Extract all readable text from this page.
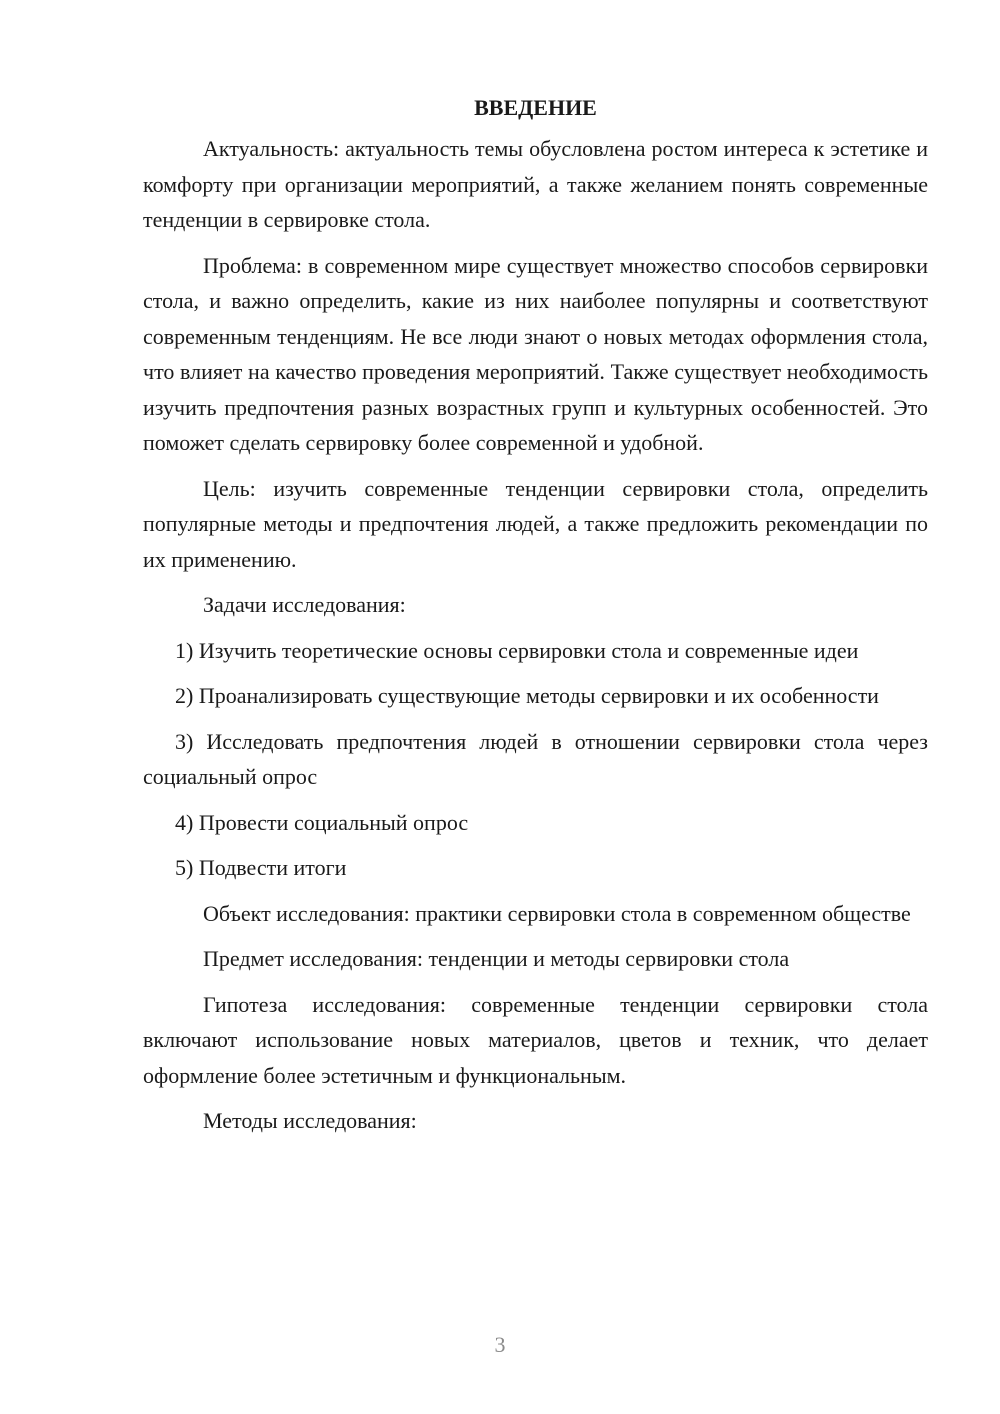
ВВЕДЕНИЕ

Актуальность: актуальность темы обусловлена ростом интереса к эстетике и комфорту при организации мероприятий, а также желанием понять современные тенденции в сервировке стола.

Проблема: в современном мире существует множество способов сервировки стола, и важно определить, какие из них наиболее популярны и соответствуют современным тенденциям. Не все люди знают о новых методах оформления стола, что влияет на качество проведения мероприятий. Также существует необходимость изучить предпочтения разных возрастных групп и культурных особенностей. Это поможет сделать сервировку более современной и удобной.

Цель: изучить современные тенденции сервировки стола, определить популярные методы и предпочтения людей, а также предложить рекомендации по их применению.

Задачи исследования:

1) Изучить теоретические основы сервировки стола и современные идеи

2) Проанализировать существующие методы сервировки и их особенности

3) Исследовать предпочтения людей в отношении сервировки стола через социальный опрос

4) Провести социальный опрос

5) Подвести итоги

Объект исследования: практики сервировки стола в современном обществе

Предмет исследования: тенденции и методы сервировки стола

Гипотеза исследования: современные тенденции сервировки стола включают использование новых материалов, цветов и техник, что делает оформление более эстетичным и функциональным.

Методы исследования:

3
